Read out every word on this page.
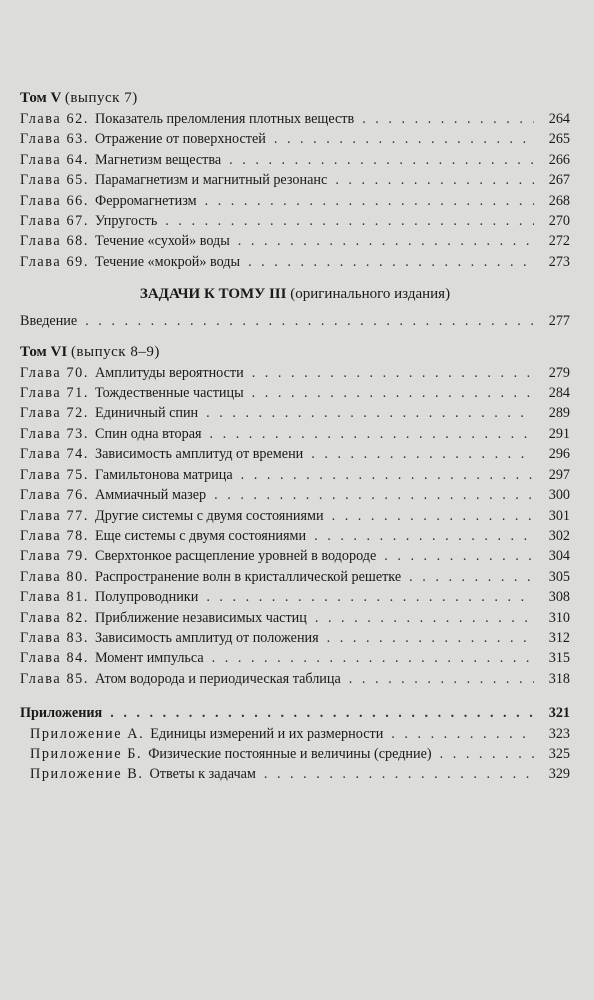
Том V (выпуск 7)
Глава 62. Показатель преломления плотных веществ . . .	264
Глава 63. Отражение от поверхностей . . .	265
Глава 64. Магнетизм вещества . . .	266
Глава 65. Парамагнетизм и магнитный резонанс . . .	267
Глава 66. Ферромагнетизм . . .	268
Глава 67. Упругость . . .	270
Глава 68. Течение «сухой» воды . . .	272
Глава 69. Течение «мокрой» воды . . .	273
ЗАДАЧИ К ТОМУ III (оригинального издания)
Введение . . .	277
Том VI (выпуск 8–9)
Глава 70. Амплитуды вероятности . . .	279
Глава 71. Тождественные частицы . . .	284
Глава 72. Единичный спин . . .	289
Глава 73. Спин одна вторая . . .	291
Глава 74. Зависимость амплитуд от времени . . .	296
Глава 75. Гамильтонова матрица . . .	297
Глава 76. Аммиачный мазер . . .	300
Глава 77. Другие системы с двумя состояниями . . .	301
Глава 78. Еще системы с двумя состояниями . . .	302
Глава 79. Сверхтонкое расщепление уровней в водороде . . .	304
Глава 80. Распространение волн в кристаллической решетке . . .	305
Глава 81. Полупроводники . . .	308
Глава 82. Приближение независимых частиц . . .	310
Глава 83. Зависимость амплитуд от положения . . .	312
Глава 84. Момент импульса . . .	315
Глава 85. Атом водорода и периодическая таблица . . .	318
Приложения . . .	321
Приложение А. Единицы измерений и их размерности . . .	323
Приложение Б. Физические постоянные и величины (средние) . . .	325
Приложение В. Ответы к задачам . . .	329
